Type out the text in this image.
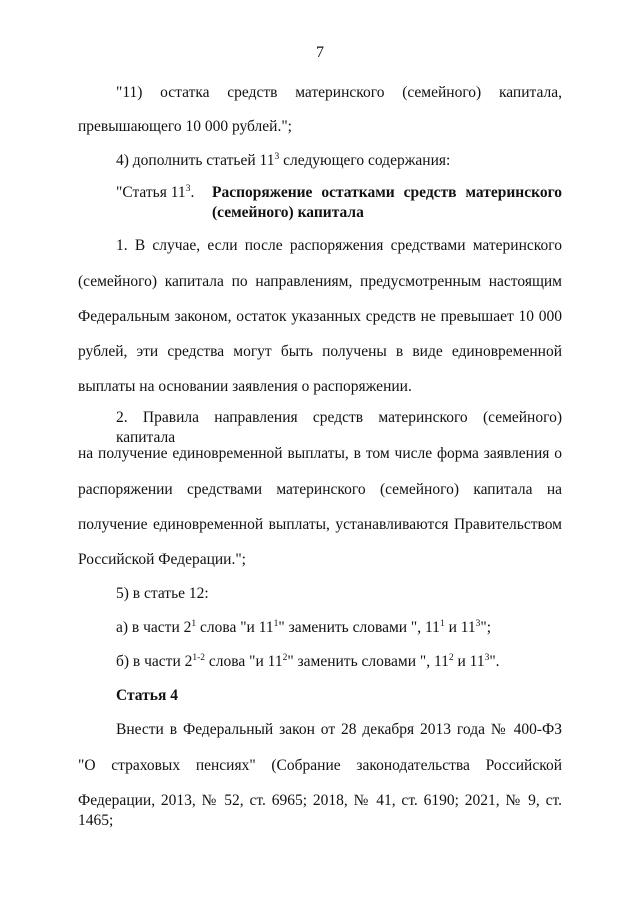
7
"11) остатка средств материнского (семейного) капитала,
превышающего 10 000 рублей.";
4) дополнить статьей $11^3$ следующего содержания:
"Статья $11^3$. Распоряжение остатками средств материнского
(семейного) капитала
1. В случае, если после распоряжения средствами материнского
(семейного) капитала по направлениям, предусмотренным настоящим
Федеральным законом, остаток указанных средств не превышает 10 000
рублей, эти средства могут быть получены в виде единовременной
выплаты на основании заявления о распоряжении.
2. Правила направления средств материнского (семейного) капитала
на получение единовременной выплаты, в том числе форма заявления о
распоряжении средствами материнского (семейного) капитала на
получение единовременной выплаты, устанавливаются Правительством
Российской Федерации.";
5) в статье 12:
а) в части $2^1$ слова "и $11^1$" заменить словами ", $11^1$ и $11^3$";
б) в части 2$^{1-2}$ слова "и $11^2$" заменить словами ", $11^2$ и $11^3$".
Статья 4
Внести в Федеральный закон от 28 декабря 2013 года № 400-ФЗ
"О страховых пенсиях" (Собрание законодательства Российской
Федерации, 2013, № 52, ст. 6965; 2018, № 41, ст. 6190; 2021, № 9, ст. 1465;
